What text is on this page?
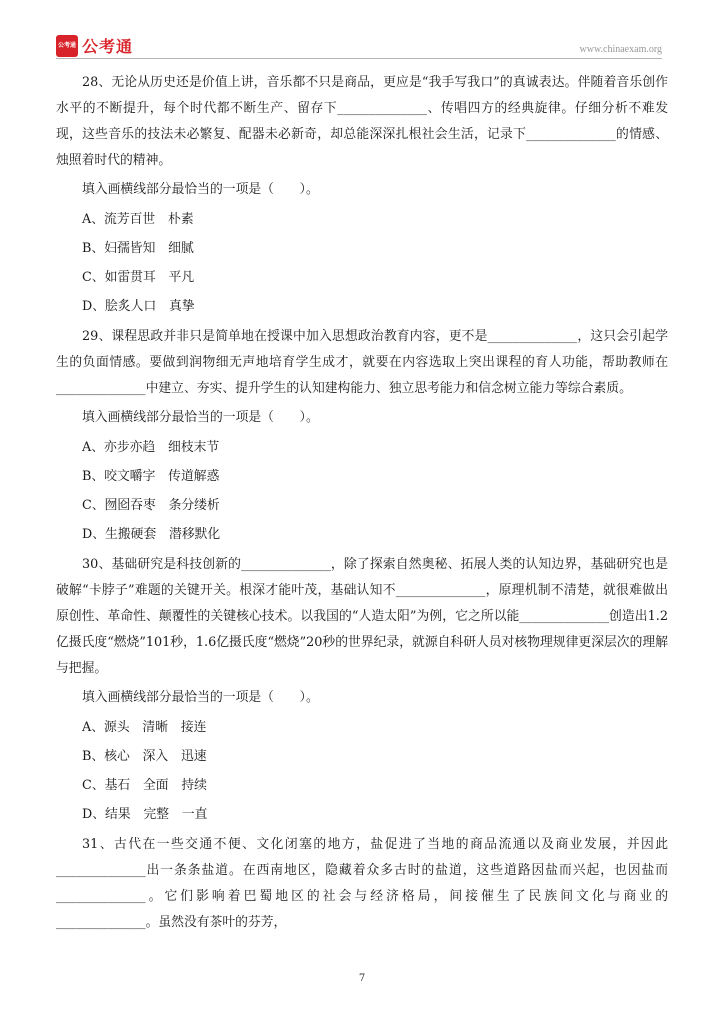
公考通 公考通	www.chinaexam.org

28、无论从历史还是价值上讲，音乐都不只是商品，更应是“我手写我口”的真诚表达。伴随着音乐创作水平的不断提升，每个时代都不断生产、留存下______________、传唱四方的经典旋律。仔细分析不难发现，这些音乐的技法未必繁复、配器未必新奇，却总能深深扎根社会生活，记录下______________的情感、烛照着时代的精神。

填入画横线部分最恰当的一项是（　　）。

A、流芳百世　朴素
B、妇孺皆知　细腻
C、如雷贯耳　平凡
D、脍炙人口　真挚

29、课程思政并非只是简单地在授课中加入思想政治教育内容，更不是______________，这只会引起学生的负面情感。要做到润物细无声地培育学生成才，就要在内容选取上突出课程的育人功能，帮助教师在______________中建立、夯实、提升学生的认知建构能力、独立思考能力和信念树立能力等综合素质。

填入画横线部分最恰当的一项是（　　）。

A、亦步亦趋　细枝末节
B、咬文嚼字　传道解惑
C、囫囵吞枣　条分缕析
D、生搬硬套　潜移默化

30、基础研究是科技创新的______________，除了探索自然奥秘、拓展人类的认知边界，基础研究也是破解“卡脖子”难题的关键开关。根深才能叶茂，基础认知不______________，原理机制不清楚，就很难做出原创性、革命性、颠覆性的关键核心技术。以我国的“人造太阳”为例，它之所以能______________创造出1.2亿摄氏度“燃烧”101秒，1.6亿摄氏度“燃烧”20秒的世界纪录，就源自科研人员对核物理规律更深层次的理解与把握。

填入画横线部分最恰当的一项是（　　）。

A、源头　清晰　接连
B、核心　深入　迅速
C、基石　全面　持续
D、结果　完整　一直

31、古代在一些交通不便、文化闭塞的地方，盐促进了当地的商品流通以及商业发展，并因此______________出一条条盐道。在西南地区，隐藏着众多古时的盐道，这些道路因盐而兴起，也因盐而______________。它们影响着巴蜀地区的社会与经济格局，间接催生了民族间文化与商业的______________。虽然没有茶叶的芬芳，

7
